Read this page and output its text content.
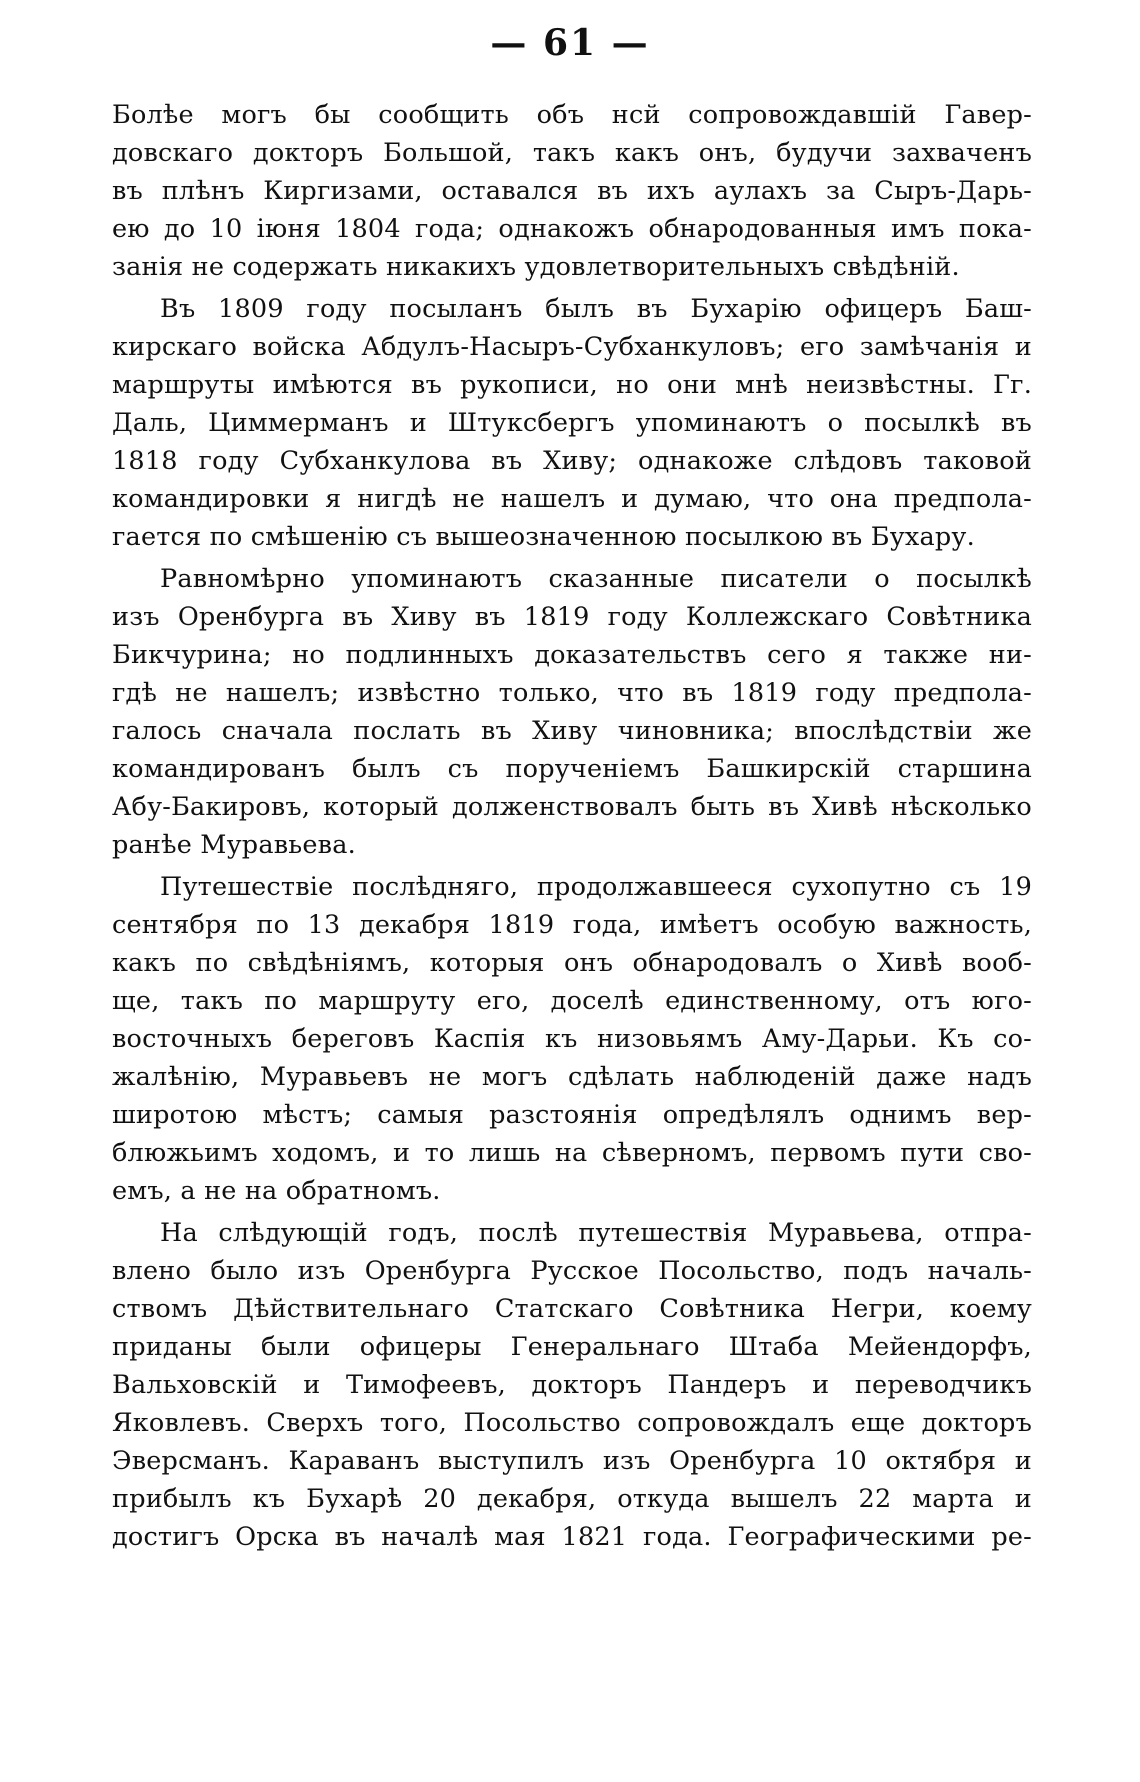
— 61 —
Болѣе могъ бы сообщить объ нсй сопровождавшій Гавер-
довскаго докторъ Большой, такъ какъ онъ, будучи захваченъ
въ плѣнъ Киргизами, оставался въ ихъ аулахъ за Сыръ-Дарь-
ею до 10 іюня 1804 года; однакожъ обнародованныя имъ пока-
занія не содержать никакихъ удовлетворительныхъ свѣдѣній.
Въ 1809 году посыланъ былъ въ Бухарію офицеръ Баш-
кирскаго войска Абдулъ-Насыръ-Субханкуловъ; его замѣчанія и
маршруты имѣются въ рукописи, но они мнѣ неизвѣстны. Гг.
Даль, Циммерманъ и Штуксбергъ упоминаютъ о посылкѣ въ
1818 году Субханкулова въ Хиву; однакоже слѣдовъ таковой
командировки я нигдѣ не нашелъ и думаю, что она предпола-
гается по смѣшенію съ вышеозначенною посылкою въ Бухару.
Равномѣрно упоминаютъ сказанные писатели о посылкѣ
изъ Оренбурга въ Хиву въ 1819 году Коллежскаго Совѣтника
Бикчурина; но подлинныхъ доказательствъ сего я также ни-
гдѣ не нашелъ; извѣстно только, что въ 1819 году предпола-
галось сначала послать въ Хиву чиновника; впослѣдствіи же
командированъ былъ съ порученіемъ Башкирскій старшина
Абу-Бакировъ, который долженствовалъ быть въ Хивѣ нѣсколько
ранѣе Муравьева.
Путешествіе послѣдняго, продолжавшееся сухопутно съ 19
сентября по 13 декабря 1819 года, имѣетъ особую важность,
какъ по свѣдѣніямъ, которыя онъ обнародовалъ о Хивѣ вооб-
ще, такъ по маршруту его, доселѣ единственному, отъ юго-
восточныхъ береговъ Каспія къ низовьямъ Аму-Дарьи. Къ со-
жалѣнію, Муравьевъ не могъ сдѣлать наблюденій даже надъ
широтою мѣстъ; самыя разстоянія опредѣлялъ однимъ вер-
блюжьимъ ходомъ, и то лишь на сѣверномъ, первомъ пути сво-
емъ, а не на обратномъ.
На слѣдующій годъ, послѣ путешествія Муравьева, отпра-
влено было изъ Оренбурга Русское Посольство, подъ началь-
ствомъ Дѣйствительнаго Статскаго Совѣтника Негри, коему
приданы были офицеры Генеральнаго Штаба Мейендорфъ,
Вальховскій и Тимофеевъ, докторъ Пандеръ и переводчикъ
Яковлевъ. Сверхъ того, Посольство сопровождалъ еще докторъ
Эверсманъ. Караванъ выступилъ изъ Оренбурга 10 октября и
прибылъ къ Бухарѣ 20 декабря, откуда вышелъ 22 марта и
достигъ Орска въ началѣ мая 1821 года. Географическими ре-
